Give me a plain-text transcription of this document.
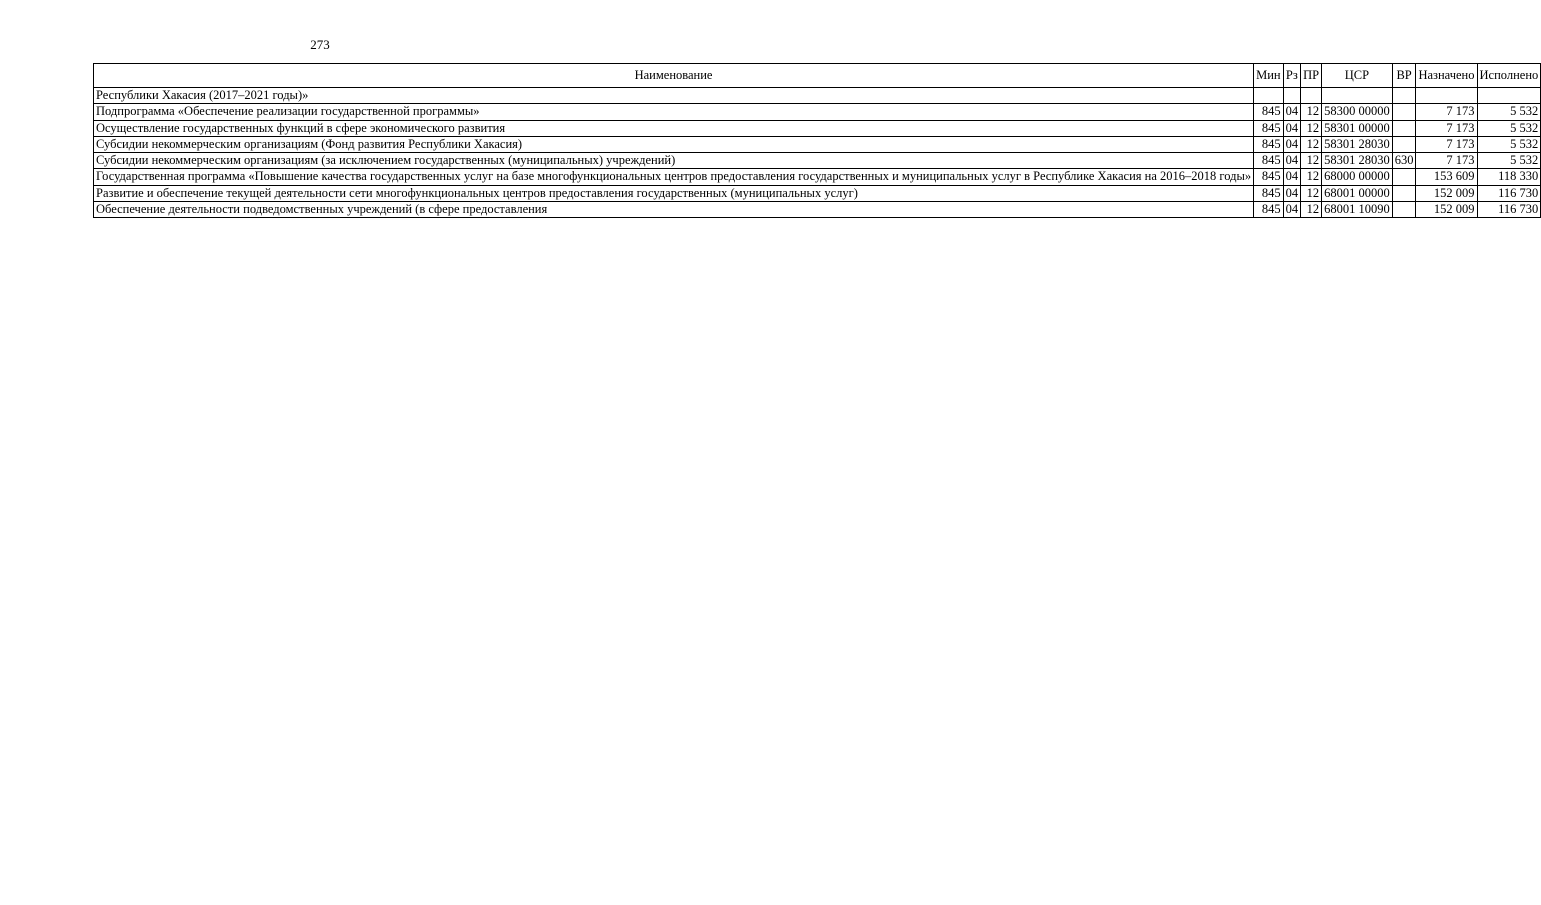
273
Наименование	Мин	Рз	ПР	ЦСР	ВР	Назначено	Исполнено
Республики Хакасия (2017–2021 годы)»							
Подпрограмма «Обеспечение реализации государственной программы»	845	04	12	58300 00000		7 173	5 532
Осуществление государственных функций в сфере экономического развития	845	04	12	58301 00000		7 173	5 532
Субсидии некоммерческим организациям (Фонд развития Республики Хакасия)	845	04	12	58301 28030		7 173	5 532
Субсидии некоммерческим организациям (за исключением государственных (муниципальных) учреждений)	845	04	12	58301 28030	630	7 173	5 532
Государственная программа «Повышение качества государственных услуг на базе многофункциональных центров предоставления государственных и муниципальных услуг в Республике Хакасия на 2016–2018 годы»	845	04	12	68000 00000		153 609	118 330
Развитие и обеспечение текущей деятельности сети многофункциональных центров предоставления государственных (муниципальных услуг)	845	04	12	68001 00000		152 009	116 730
Обеспечение деятельности подведомственных учреждений (в сфере предоставления	845	04	12	68001 10090		152 009	116 730
